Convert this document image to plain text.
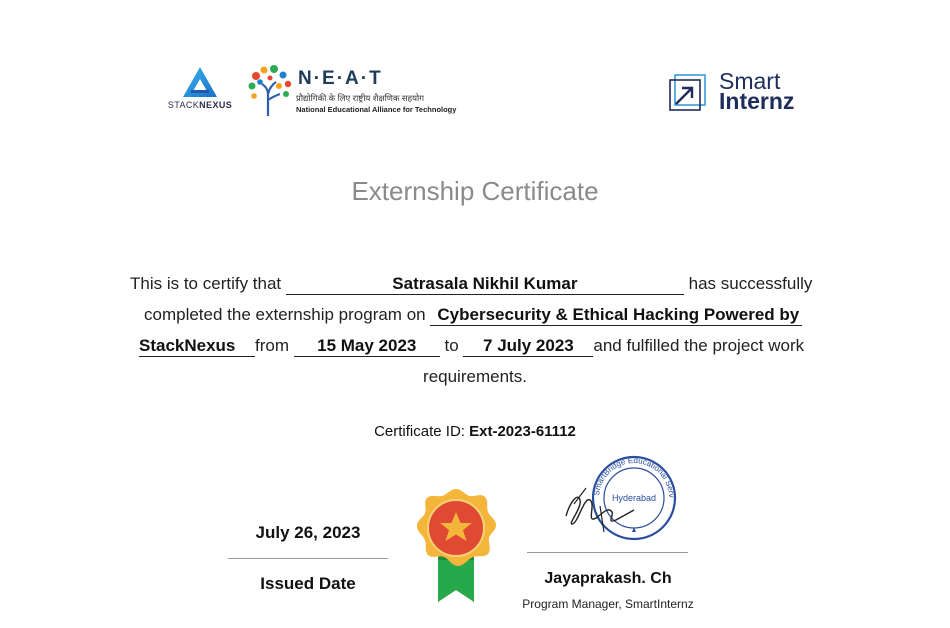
STACKNEXUS
N·E·A·T
प्रौद्योगिकी के लिए राष्ट्रीय शैक्षणिक सहयोग
National Educational Alliance for Technology
Smart
Internz
Externship Certificate
This is to certify that	Satrasala Nikhil Kumar	has successfully
completed the externship program on Cybersecurity & Ethical Hacking Powered by
StackNexus from 15 May 2023 to 7 July 2023 and fulfilled the project work
requirements.
Certificate ID: Ext-2023-61112
July 26, 2023
Issued Date
SmartBridge Educational Serv
Hyderabad
Jayaprakash. Ch
Program Manager, SmartInternz
